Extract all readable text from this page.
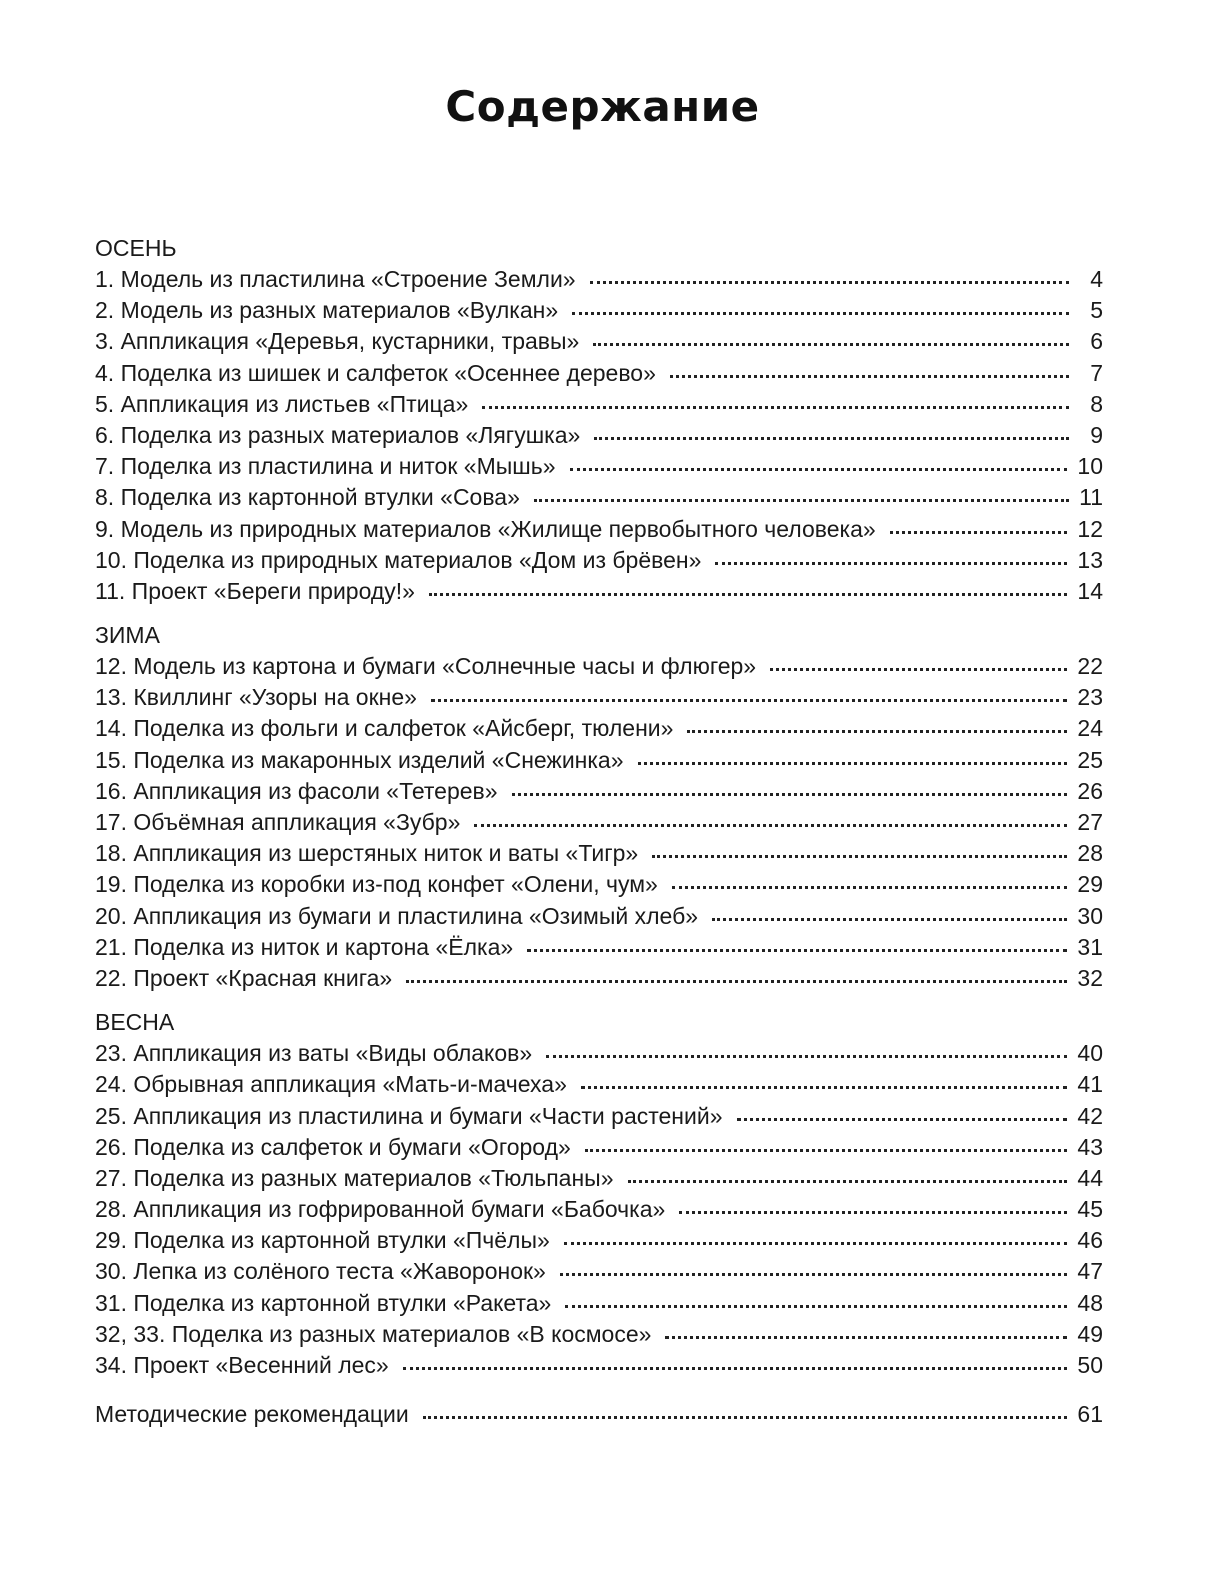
Содержание
ОСЕНЬ
1. Модель из пластилина «Строение Земли»	4
2. Модель из разных материалов «Вулкан»	5
3. Аппликация «Деревья, кустарники, травы»	6
4. Поделка из шишек и салфеток «Осеннее дерево»	7
5. Аппликация из листьев «Птица»	8
6. Поделка из разных материалов «Лягушка»	9
7. Поделка из пластилина и ниток «Мышь»	10
8. Поделка из картонной втулки «Сова»	11
9. Модель из природных материалов «Жилище первобытного человека»	12
10. Поделка из природных материалов «Дом из брёвен»	13
11. Проект «Береги природу!»	14
ЗИМА
12. Модель из картона и бумаги «Солнечные часы и флюгер»	22
13. Квиллинг «Узоры на окне»	23
14. Поделка из фольги и салфеток «Айсберг, тюлени»	24
15. Поделка из макаронных изделий «Снежинка»	25
16. Аппликация из фасоли «Тетерев»	26
17. Объёмная аппликация «Зубр»	27
18. Аппликация из шерстяных ниток и ваты «Тигр»	28
19. Поделка из коробки из-под конфет «Олени, чум»	29
20. Аппликация из бумаги и пластилина «Озимый хлеб»	30
21. Поделка из ниток и картона «Ёлка»	31
22. Проект «Красная книга»	32
ВЕСНА
23. Аппликация из ваты «Виды облаков»	40
24. Обрывная аппликация «Мать-и-мачеха»	41
25. Аппликация из пластилина и бумаги «Части растений»	42
26. Поделка из салфеток и бумаги «Огород»	43
27. Поделка из разных материалов «Тюльпаны»	44
28. Аппликация из гофрированной бумаги «Бабочка»	45
29. Поделка из картонной втулки «Пчёлы»	46
30. Лепка из солёного теста «Жаворонок»	47
31. Поделка из картонной втулки «Ракета»	48
32, 33. Поделка из разных материалов «В космосе»	49
34. Проект «Весенний лес»	50
Методические рекомендации	61
